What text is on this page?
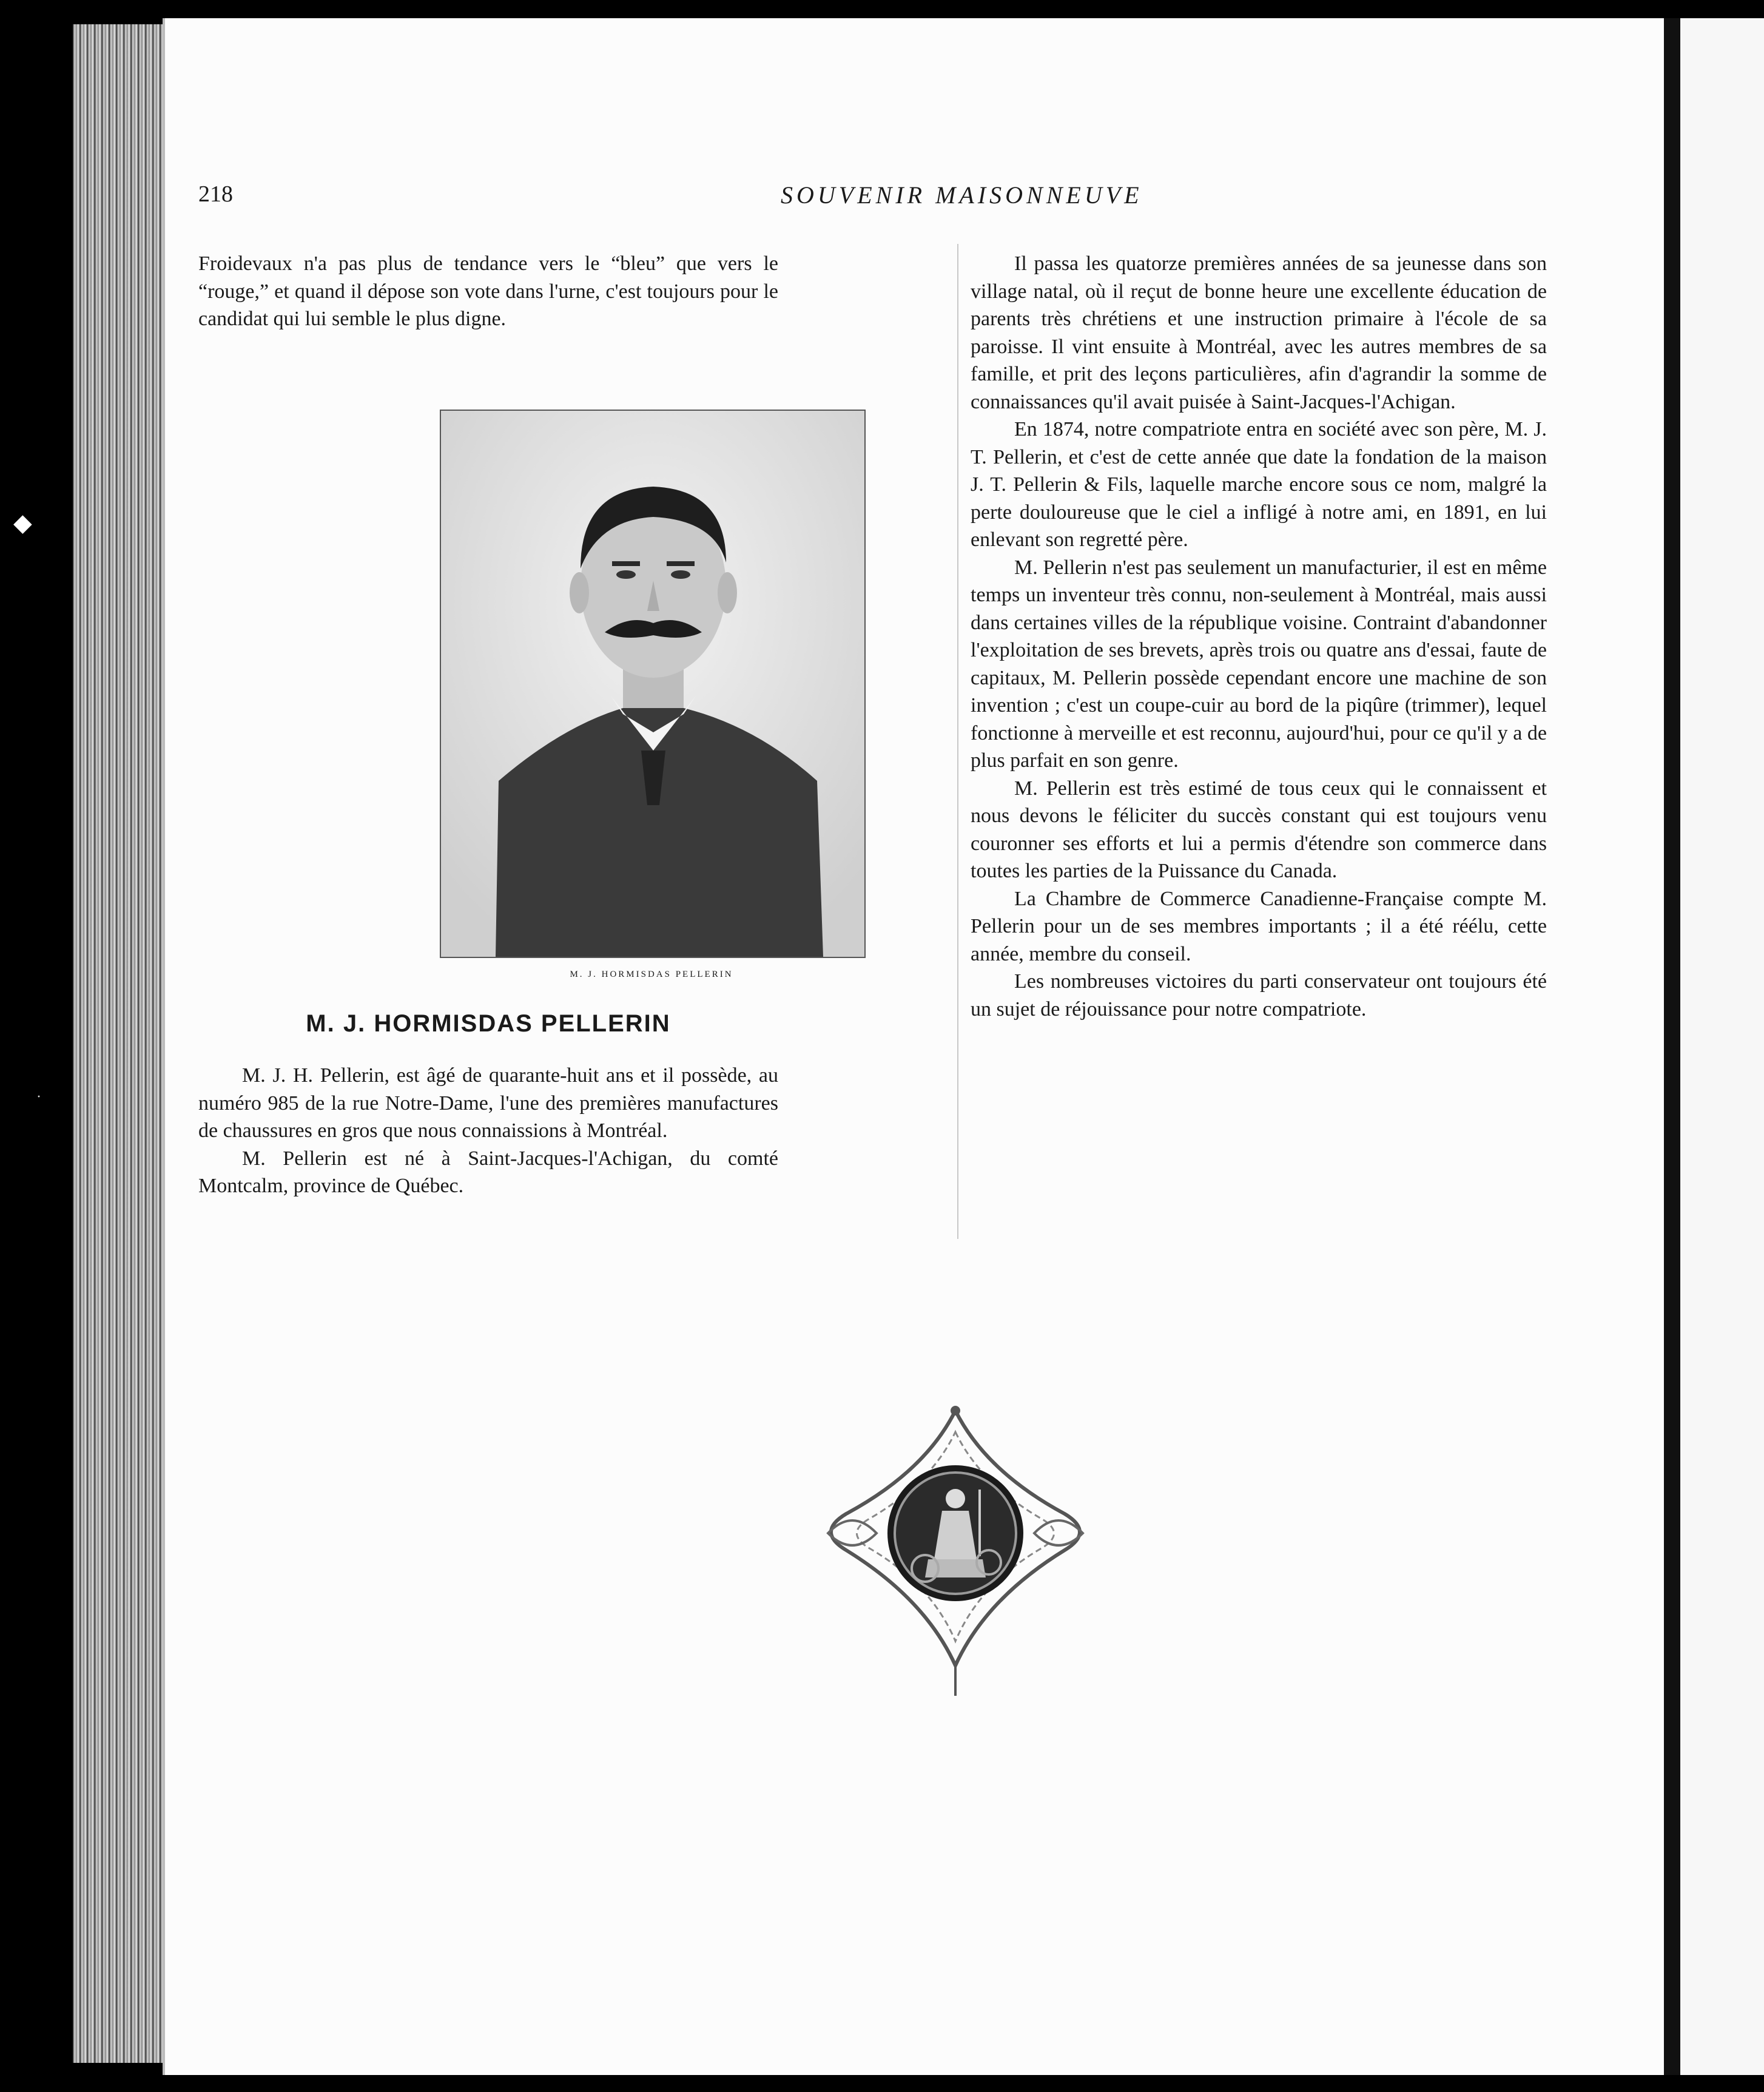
◆
·
218	SOUVENIR MAISONNEUVE

Froidevaux n'a pas plus de tendance vers le “bleu” que vers le “rouge,” et quand il dépose son vote dans l'urne, c'est toujours pour le candidat qui lui semble le plus digne.

M. J. HORMISDAS PELLERIN
M. J. HORMISDAS PELLERIN

M. J. H. Pellerin, est âgé de quarante-huit ans et il possède, au numéro 985 de la rue Notre-Dame, l'une des premières manufactures de chaussures en gros que nous connaissions à Montréal.

M. Pellerin est né à Saint-Jacques-l'Achigan, du comté Montcalm, province de Québec.

Il passa les quatorze premières années de sa jeunesse dans son village natal, où il reçut de bonne heure une excellente éducation de parents très chrétiens et une instruction primaire à l'école de sa paroisse. Il vint ensuite à Montréal, avec les autres membres de sa famille, et prit des leçons particulières, afin d'agrandir la somme de connaissances qu'il avait puisée à Saint-Jacques-l'Achigan.

En 1874, notre compatriote entra en société avec son père, M. J. T. Pellerin, et c'est de cette année que date la fondation de la maison J. T. Pellerin & Fils, laquelle marche encore sous ce nom, malgré la perte douloureuse que le ciel a infligé à notre ami, en 1891, en lui enlevant son regretté père.

M. Pellerin n'est pas seulement un manufacturier, il est en même temps un inventeur très connu, non-seulement à Montréal, mais aussi dans certaines villes de la république voisine. Contraint d'abandonner l'exploitation de ses brevets, après trois ou quatre ans d'essai, faute de capitaux, M. Pellerin possède cependant encore une machine de son invention ; c'est un coupe-cuir au bord de la piqûre (trimmer), lequel fonctionne à merveille et est reconnu, aujourd'hui, pour ce qu'il y a de plus parfait en son genre.

M. Pellerin est très estimé de tous ceux qui le connaissent et nous devons le féliciter du succès constant qui est toujours venu couronner ses efforts et lui a permis d'étendre son commerce dans toutes les parties de la Puissance du Canada.

La Chambre de Commerce Canadienne-Française compte M. Pellerin pour un de ses membres importants ; il a été réélu, cette année, membre du conseil.

Les nombreuses victoires du parti conservateur ont toujours été un sujet de réjouissance pour notre compatriote.
